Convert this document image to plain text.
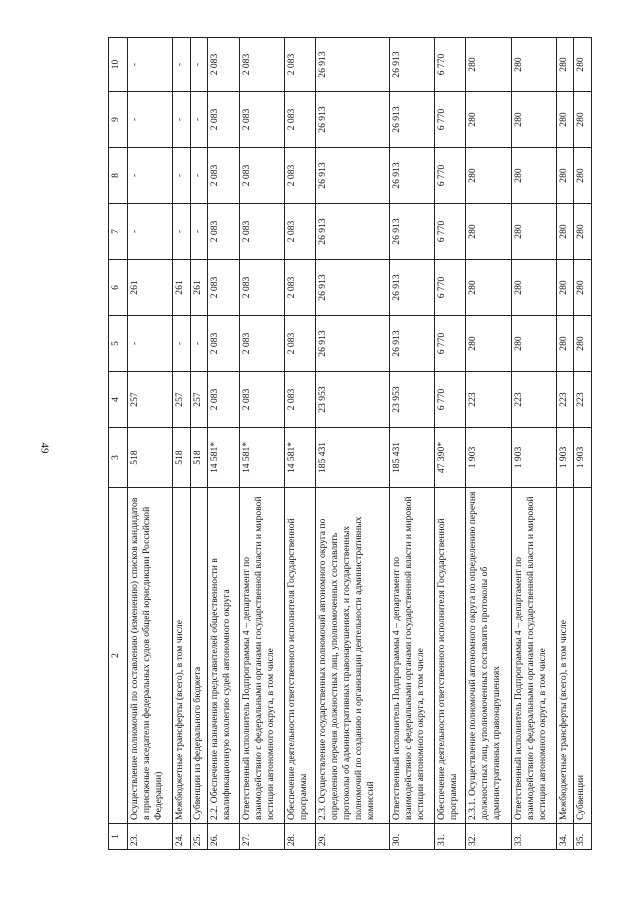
49
1	2	3	4	5	6	7	8	9	10
23.	Осуществление полномочий по составлению (изменению) списков кандидатов в присяжные заседатели федеральных судов общей юрисдикции Российской Федерации)	518	257	-	261	-	-	-	-
24.	Межбюджетные трансферты (всего), в том числе	518	257	-	261	-	-	-	-
25.	Субвенции из федерального бюджета	518	257	-	261	-	-	-	-
26.	2.2. Обеспечение назначения представителей общественности в квалификационную коллегию судей автономного округа	14 581*	2 083	2 083	2 083	2 083	2 083	2 083	2 083
27.	Ответственный исполнитель Подпрограммы 4 – департамент по взаимодействию с федеральными органами государственной власти и мировой юстиции автономного округа, в том числе	14 581*	2 083	2 083	2 083	2 083	2 083	2 083	2 083
28.	Обеспечение деятельности ответственного исполнителя Государственной программы	14 581*	2 083	2 083	2 083	2 083	2 083	2 083	2 083
29.	2.3. Осуществление государственных полномочий автономного округа по определению перечня должностных лиц, уполномоченных составлять протоколы об административных правонарушениях, и государственных полномочий по созданию и организации деятельности административных комиссий	185 431	23 953	26 913	26 913	26 913	26 913	26 913	26 913
30.	Ответственный исполнитель Подпрограммы 4 – департамент по взаимодействию с федеральными органами государственной власти и мировой юстиции автономного округа, в том числе	185 431	23 953	26 913	26 913	26 913	26 913	26 913	26 913
31.	Обеспечение деятельности ответственного исполнителя Государственной программы	47 390*	6 770	6 770	6 770	6 770	6 770	6 770	6 770
32.	2.3.1. Осуществление полномочий автономного округа по определению перечня должностных лиц, уполномоченных составлять протоколы об административных правонарушениях	1 903	223	280	280	280	280	280	280
33.	Ответственный исполнитель Подпрограммы 4 – департамент по взаимодействию с федеральными органами государственной власти и мировой юстиции автономного округа, в том числе	1 903	223	280	280	280	280	280	280
34.	Межбюджетные трансферты (всего), в том числе	1 903	223	280	280	280	280	280	280
35.	Субвенции	1 903	223	280	280	280	280	280	280
